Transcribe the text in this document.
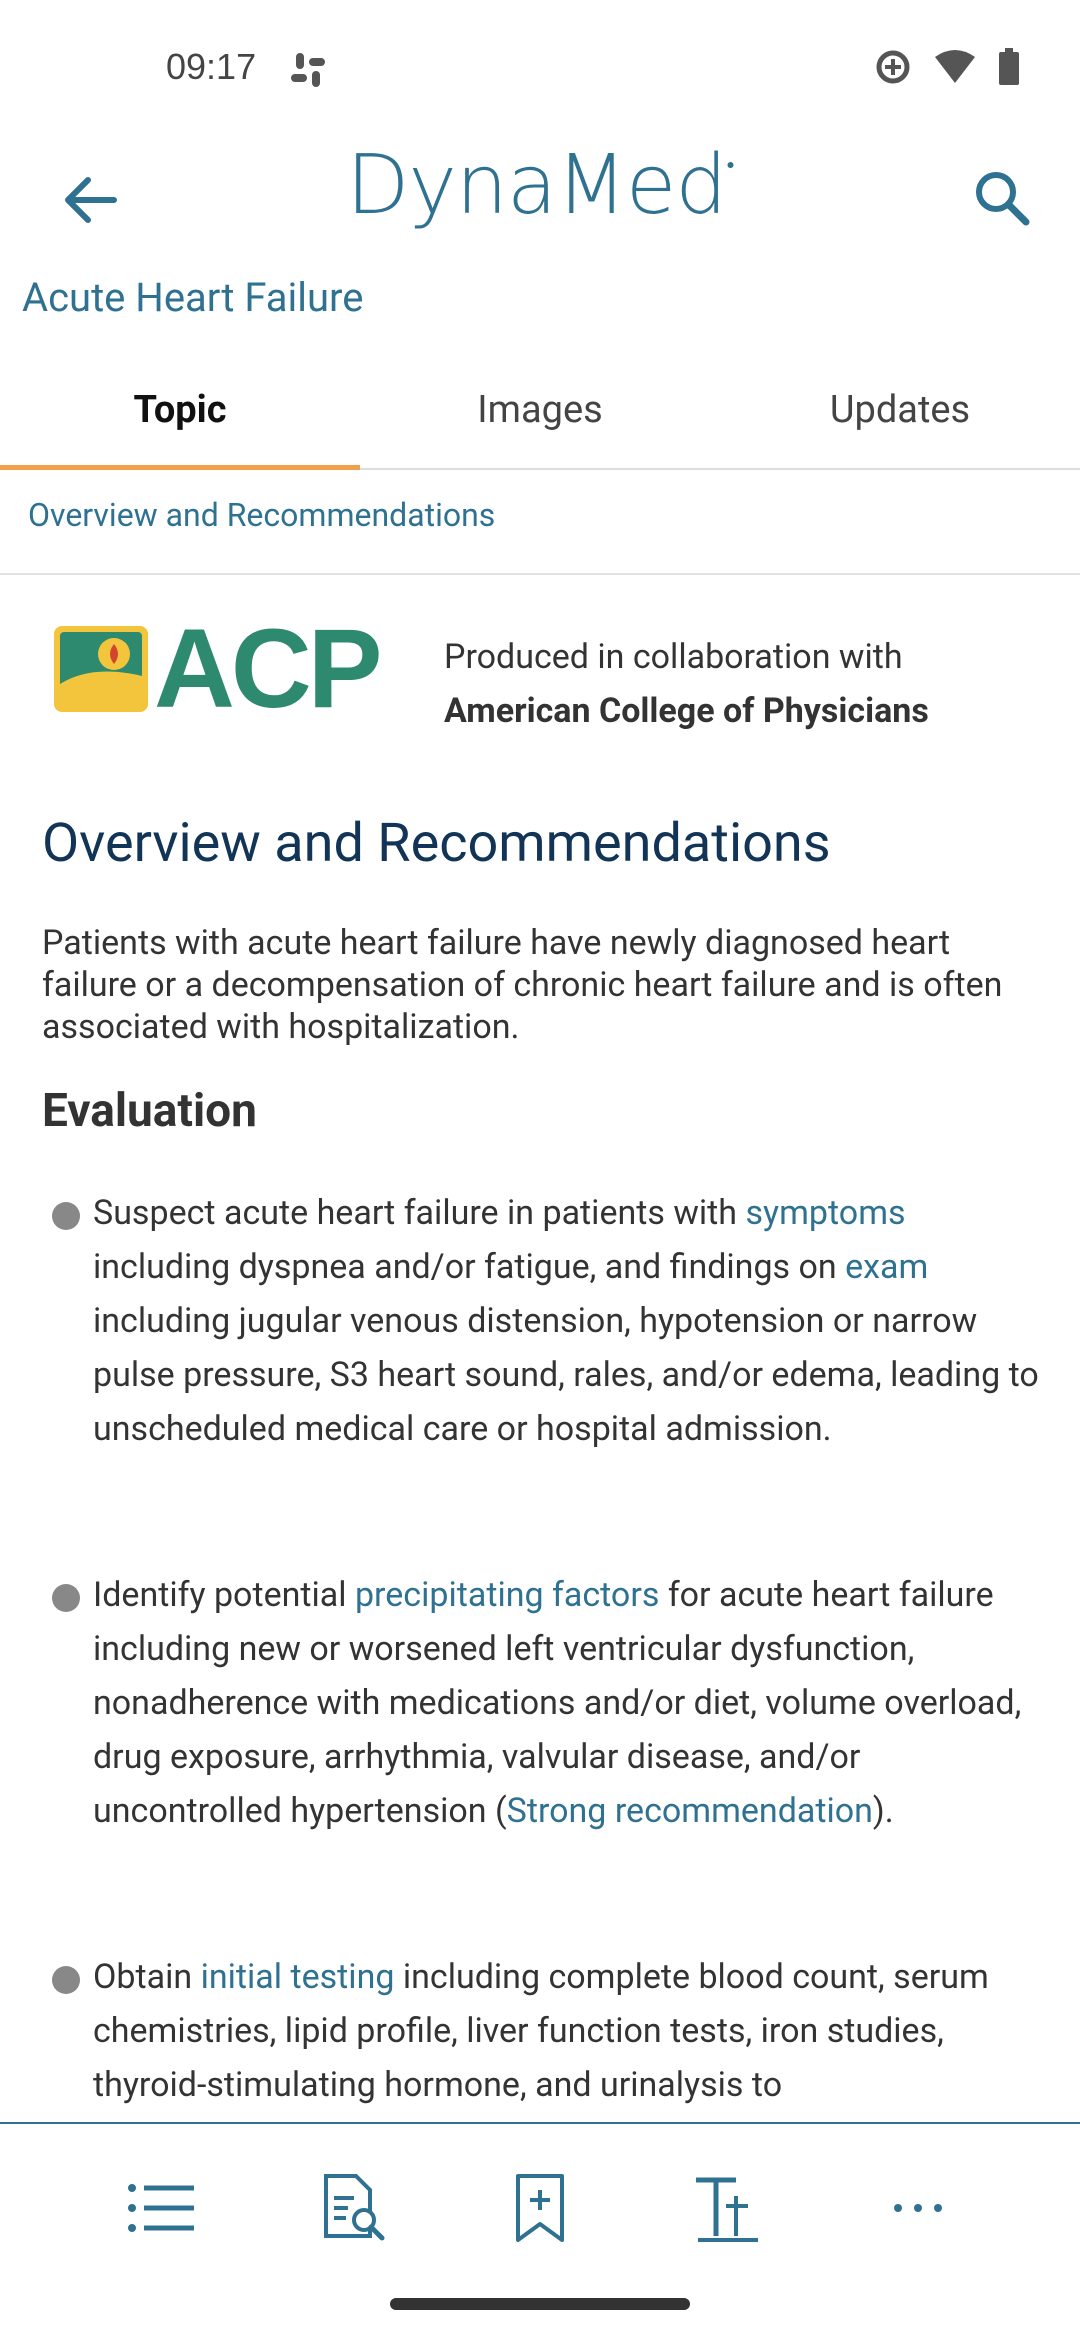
09:17
DynaMed●
Acute Heart Failure
Topic	Images	Updates
Overview and Recommendations
ACP Produced in collaboration with
American College of Physicians
Overview and Recommendations
Patients with acute heart failure have newly diagnosed heart failure or a decompensation of chronic heart failure and is often associated with hospitalization.
Evaluation
Suspect acute heart failure in patients with symptoms including dyspnea and/or fatigue, and findings on exam including jugular venous distension, hypotension or narrow pulse pressure, S3 heart sound, rales, and/or edema, leading to unscheduled medical care or hospital admission.
Identify potential precipitating factors for acute heart failure including new or worsened left ventricular dysfunction, nonadherence with medications and/or diet, volume overload, drug exposure, arrhythmia, valvular disease, and/or uncontrolled hypertension (Strong recommendation).
Obtain initial testing including complete blood count, serum chemistries, lipid profile, liver function tests, iron studies, thyroid-stimulating hormone, and urinalysis to
